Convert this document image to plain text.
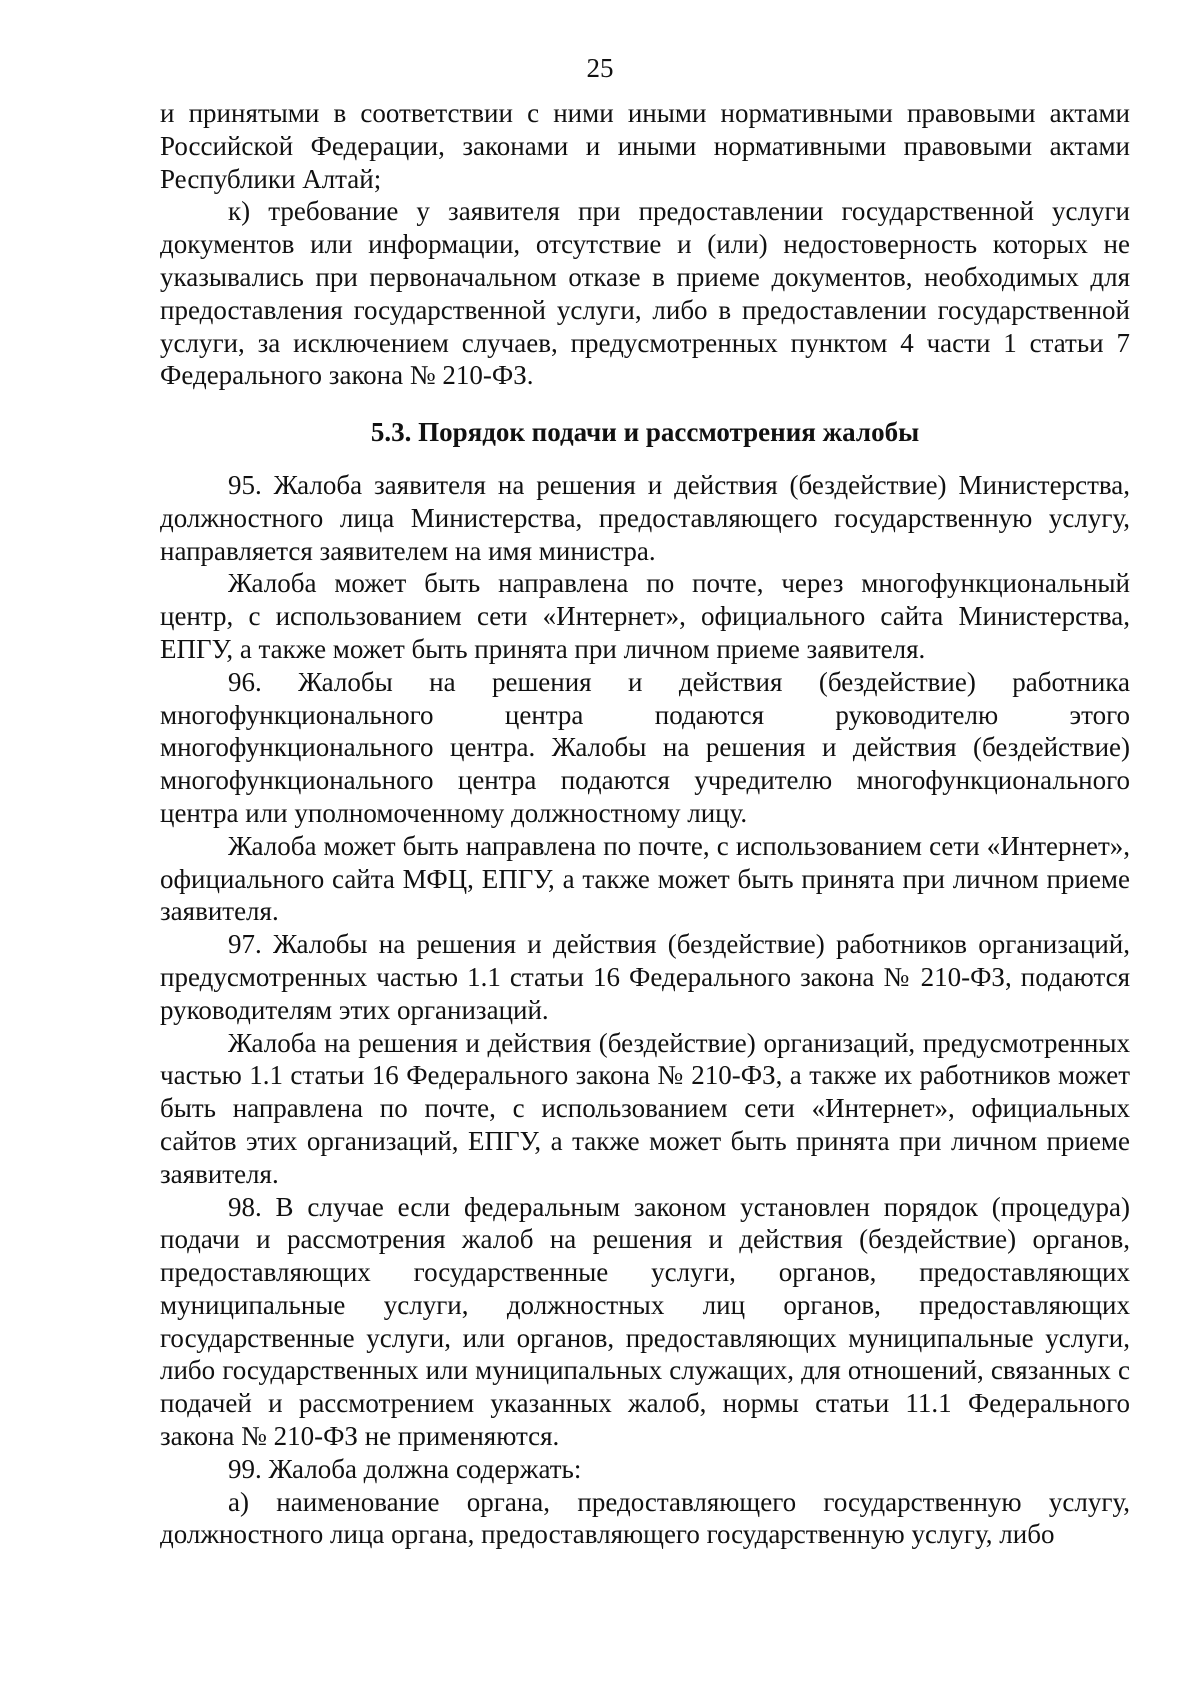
25

и принятыми в соответствии с ними иными нормативными правовыми актами Российской Федерации, законами и иными нормативными правовыми актами Республики Алтай;

к) требование у заявителя при предоставлении государственной услуги документов или информации, отсутствие и (или) недостоверность которых не указывались при первоначальном отказе в приеме документов, необходимых для предоставления государственной услуги, либо в предоставлении государственной услуги, за исключением случаев, предусмотренных пунктом 4 части 1 статьи 7 Федерального закона № 210-ФЗ.

5.3. Порядок подачи и рассмотрения жалобы

95. Жалоба заявителя на решения и действия (бездействие) Министерства, должностного лица Министерства, предоставляющего государственную услугу, направляется заявителем на имя министра.

Жалоба может быть направлена по почте, через многофункциональный центр, с использованием сети «Интернет», официального сайта Министерства, ЕПГУ, а также может быть принята при личном приеме заявителя.

96. Жалобы на решения и действия (бездействие) работника многофункционального центра подаются руководителю этого многофункционального центра. Жалобы на решения и действия (бездействие) многофункционального центра подаются учредителю многофункционального центра или уполномоченному должностному лицу.

Жалоба может быть направлена по почте, с использованием сети «Интернет», официального сайта МФЦ, ЕПГУ, а также может быть принята при личном приеме заявителя.

97. Жалобы на решения и действия (бездействие) работников организаций, предусмотренных частью 1.1 статьи 16 Федерального закона № 210-ФЗ, подаются руководителям этих организаций.

Жалоба на решения и действия (бездействие) организаций, предусмотренных частью 1.1 статьи 16 Федерального закона № 210-ФЗ, а также их работников может быть направлена по почте, с использованием сети «Интернет», официальных сайтов этих организаций, ЕПГУ, а также может быть принята при личном приеме заявителя.

98. В случае если федеральным законом установлен порядок (процедура) подачи и рассмотрения жалоб на решения и действия (бездействие) органов, предоставляющих государственные услуги, органов, предоставляющих муниципальные услуги, должностных лиц органов, предоставляющих государственные услуги, или органов, предоставляющих муниципальные услуги, либо государственных или муниципальных служащих, для отношений, связанных с подачей и рассмотрением указанных жалоб, нормы статьи 11.1 Федерального закона № 210-ФЗ не применяются.

99. Жалоба должна содержать:

а) наименование органа, предоставляющего государственную услугу, должностного лица органа, предоставляющего государственную услугу, либо
